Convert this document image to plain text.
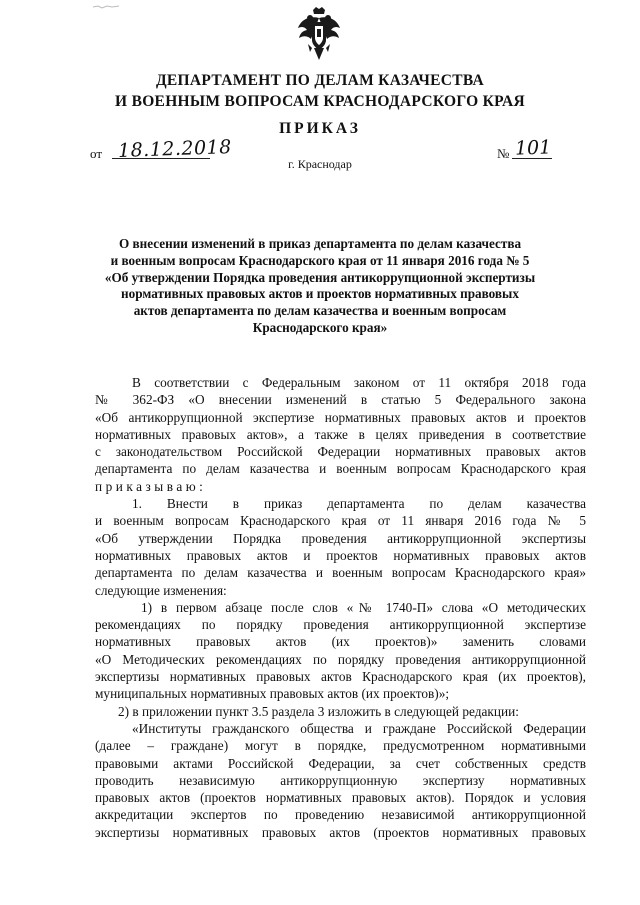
ДЕПАРТАМЕНТ ПО ДЕЛАМ КАЗАЧЕСТВА
И ВОЕННЫМ ВОПРОСАМ КРАСНОДАРСКОГО КРАЯ
ПРИКАЗ
от 18.12.2018	№ 101
г. Краснодар
О внесении изменений в приказ департамента по делам казачества
и военным вопросам Краснодарского края от 11 января 2016 года № 5
«Об утверждении Порядка проведения антикоррупционной экспертизы
нормативных правовых актов и проектов нормативных правовых
актов департамента по делам казачества и военным вопросам
Краснодарского края»
В соответствии с Федеральным законом от 11 октября 2018 года
№ 362-ФЗ «О внесении изменений в статью 5 Федерального закона
«Об антикоррупционной экспертизе нормативных правовых актов и проектов
нормативных правовых актов», а также в целях приведения в соответствие
с законодательством Российской Федерации нормативных правовых актов
департамента по делам казачества и военным вопросам Краснодарского края
приказываю:
1. Внести в приказ департамента по делам казачества
и военным вопросам Краснодарского края от 11 января 2016 года № 5
«Об утверждении Порядка проведения антикоррупционной экспертизы
нормативных правовых актов и проектов нормативных правовых актов
департамента по делам казачества и военным вопросам Краснодарского края»
следующие изменения:
1) в первом абзаце после слов «№ 1740-П» слова «О методических
рекомендациях по порядку проведения антикоррупционной экспертизе
нормативных правовых актов (их проектов)» заменить словами
«О Методических рекомендациях по порядку проведения антикоррупционной
экспертизы нормативных правовых актов Краснодарского края (их проектов),
муниципальных нормативных правовых актов (их проектов)»;
2) в приложении пункт 3.5 раздела 3 изложить в следующей редакции:
«Институты гражданского общества и граждане Российской Федерации
(далее – граждане) могут в порядке, предусмотренном нормативными
правовыми актами Российской Федерации, за счет собственных средств
проводить независимую антикоррупционную экспертизу нормативных
правовых актов (проектов нормативных правовых актов). Порядок и условия
аккредитации экспертов по проведению независимой антикоррупционной
экспертизы нормативных правовых актов (проектов нормативных правовых
